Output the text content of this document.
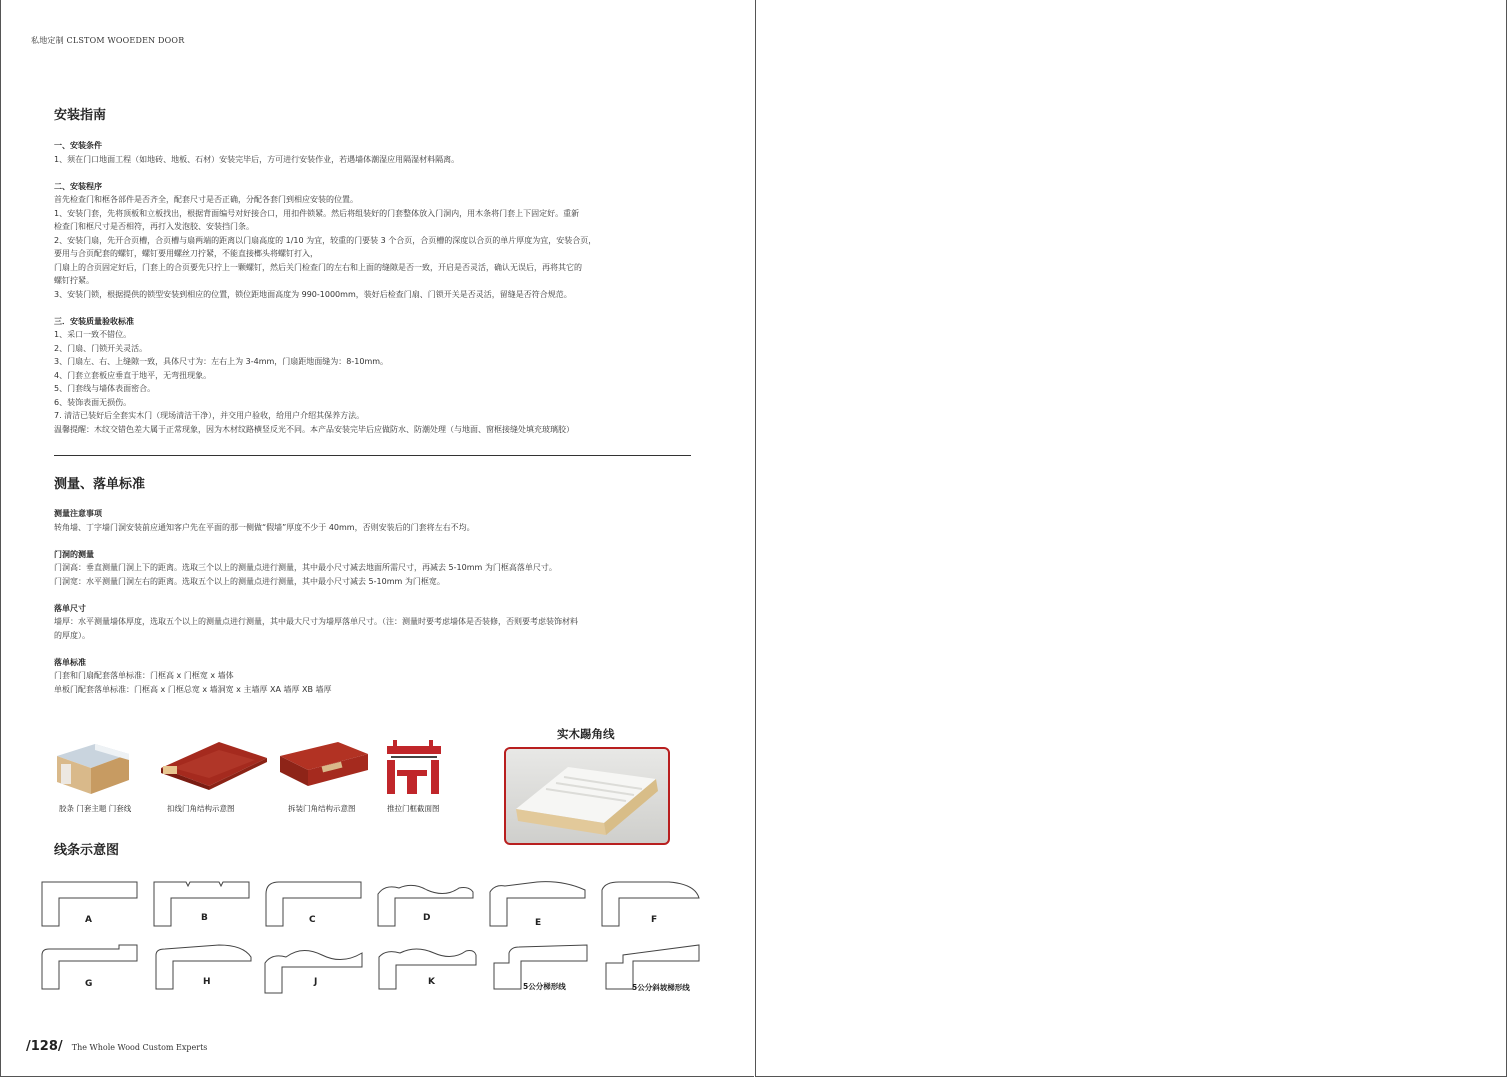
私地定制 CLSTOM WOOEDEN DOOR
安装指南
一、安装条件
1、须在门口地面工程（如地砖、地板、石材）安装完毕后，方可进行安装作业，若遇墙体潮湿应用隔湿材料隔离。
二、安装程序
首先检查门和框各部件是否齐全，配套尺寸是否正确，分配各套门到相应安装的位置。
1、安装门套，先将顶板和立板找出，根据背面编号对好接合口，用扣件锁紧。然后将组装好的门套整体放入门洞内，用木条将门套上下固定好。重新
检查门和框尺寸是否相符，再打入发泡胶、安装挡门条。
2、安装门扇，先开合页槽，合页槽与扇两端的距离以门扇高度的 1/10 为宜，较重的门要装 3 个合页，合页槽的深度以合页的单片厚度为宜，安装合页，
要用与合页配套的螺钉，螺钉要用螺丝刀拧紧，不能直接榔头将螺钉打入，
门扇上的合页固定好后，门套上的合页要先只拧上一颗螺钉，然后关门检查门的左右和上面的缝隙是否一致，开启是否灵活，确认无误后，再将其它的
螺钉拧紧。
3、安装门锁，根据提供的锁型安装到相应的位置，锁位距地面高度为 990-1000mm，装好后检查门扇、门锁开关是否灵活，留缝是否符合规范。
三．安装质量验收标准
1、采口一致不错位。
2、门扇、门锁开关灵活。
3、门扇左、右、上缝隙一致，具体尺寸为：左右上为 3-4mm，门扇距地面缝为：8-10mm。
4、门套立套板应垂直于地平，无弯扭现象。
5、门套线与墙体表面密合。
6、装饰表面无损伤。
7. 清洁已装好后全套实木门（现场清洁干净），并交用户验收，给用户介绍其保养方法。
温馨提醒：木纹交错色差大属于正常现象，因为木材纹路横竖反光不同。本产品安装完毕后应做防水、防潮处理（与地面、窗框接缝处填充玻璃胶）
测量、落单标准
测量注意事项
转角墙、丁字墙门洞安装前应通知客户先在平面的那一侧做“假墙”厚度不少于 40mm，否则安装后的门套将左右不均。
门洞的测量
门洞高：垂直测量门洞上下的距离。选取三个以上的测量点进行测量，其中最小尺寸减去地面所需尺寸，再减去 5-10mm 为门框高落单尺寸。
门洞宽：水平测量门洞左右的距离。选取五个以上的测量点进行测量，其中最小尺寸减去 5-10mm 为门框宽。
落单尺寸
墙厚：水平测量墙体厚度，选取五个以上的测量点进行测量，其中最大尺寸为墙厚落单尺寸。（注：测量时要考虑墙体是否装修，否则要考虑装饰材料
的厚度）。
落单标准
门套和门扇配套落单标准：门框高 x 门框宽 x 墙体
单板门配套落单标准：门框高 x 门框总宽 x 墙洞宽 x 主墙厚 XA 墙厚 XB 墙厚
胶条 门套主题 门套线	扣线门角结构示意图	拆装门角结构示意图	推拉门框截面图
实木踢角线
线条示意图
A	B	C	D	E	F
G	H	J	K	5公分梯形线	5公分斜坡梯形线
/128/ The Whole Wood Custom Experts
